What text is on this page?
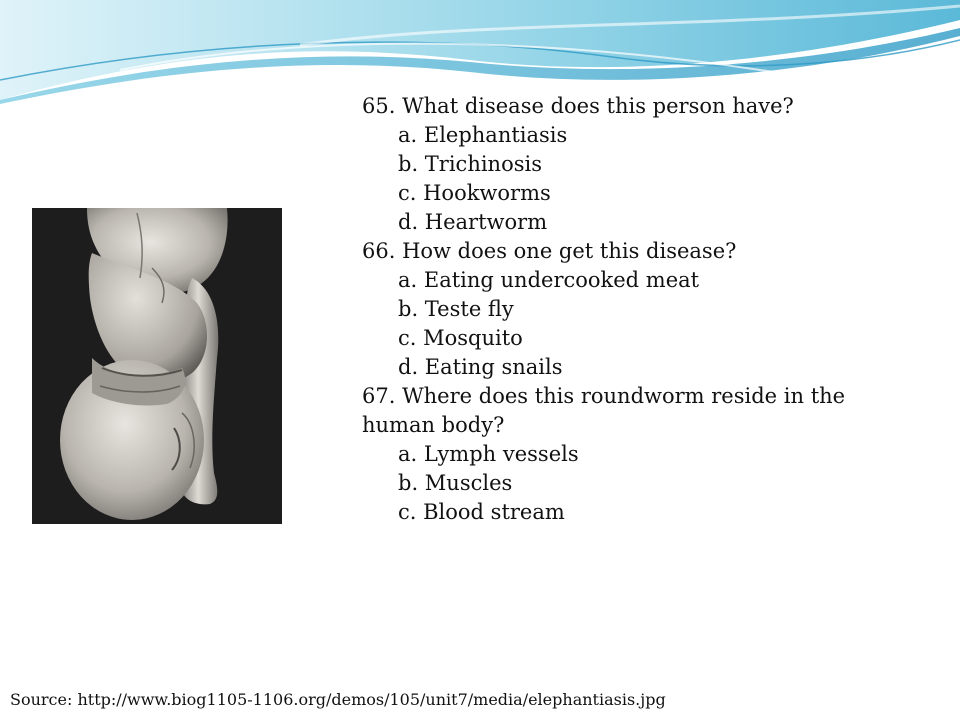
65. What disease does this person have?
a. Elephantiasis
b. Trichinosis
c. Hookworms
d. Heartworm
66. How does one get this disease?
a. Eating undercooked meat
b. Teste fly
c. Mosquito
d. Eating snails
67. Where does this roundworm reside in the human body?
a. Lymph vessels
b. Muscles
c. Blood stream
Source: http://www.biog1105-1106.org/demos/105/unit7/media/elephantiasis.jpg
